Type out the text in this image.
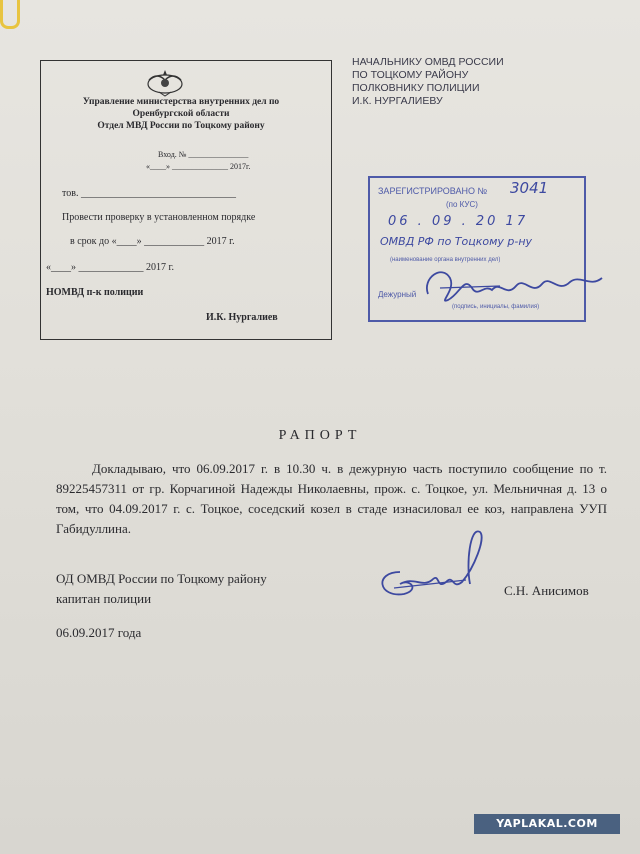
Управление министерства внутренних дел по
Оренбургской области
Отдел МВД России по Тоцкому району
Вход. № _______________
«____» ______________ 2017г.
тов. _______________________________
Провести проверку в установленном порядке
в срок до «____» ____________ 2017 г.
«____» _____________ 2017 г.
НОМВД п-к полиции
И.К. Нургалиев
НАЧАЛЬНИКУ ОМВД РОССИИ
ПО ТОЦКОМУ РАЙОНУ
ПОЛКОВНИКУ ПОЛИЦИИ
И.К. НУРГАЛИЕВУ
ЗАРЕГИСТРИРОВАНО № 3041
(по КУС)
06 . 09 . 20 17
ОМВД РФ по Тоцкому р-ну
(наименование органа внутренних дел)
Дежурный
(подпись, инициалы, фамилия)
РАПОРТ

Докладываю, что 06.09.2017 г. в 10.30 ч. в дежурную часть поступило сообщение по т. 89225457311 от гр. Корчагиной Надежды Николаевны, прож. с. Тоцкое, ул. Мельничная д. 13 о том, что 04.09.2017 г. с. Тоцкое, соседский козел в стаде изнасиловал ее коз, направлена УУП Габидуллина.

ОД ОМВД России по Тоцкому району
капитан полиции
С.Н. Анисимов
06.09.2017 года
YAPLAKAL.COM
